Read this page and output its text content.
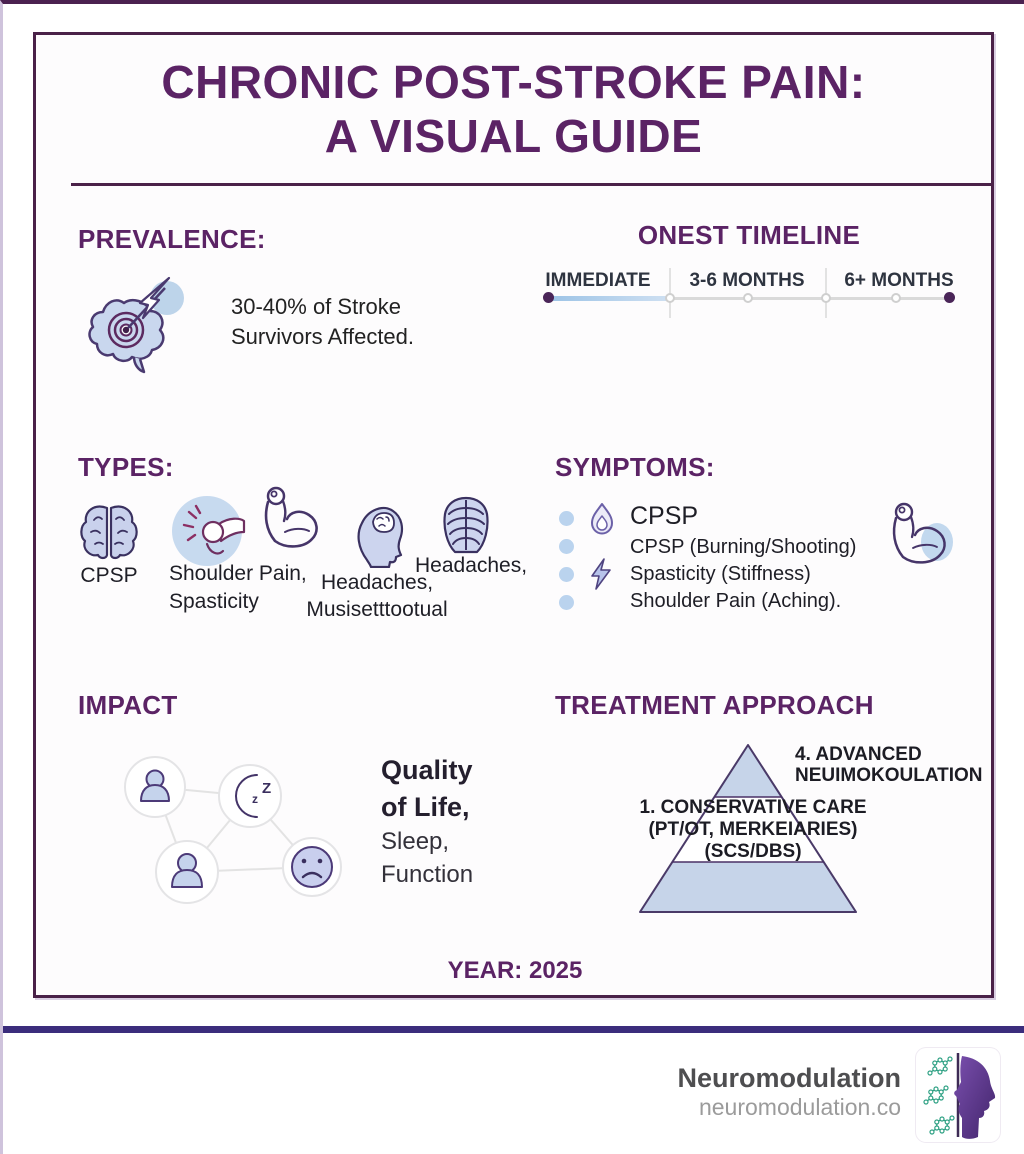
CHRONIC POST-STROKE PAIN:
A VISUAL GUIDE
PREVALENCE:
30-40% of Stroke
Survivors Affected.
ONEST TIMELINE
IMMEDIATE 3-6 MONTHS 6+ MONTHS
TYPES:
CPSP	Shoulder Pain,
Spasticity
Headaches,
Musisetttootual
Headaches,
SYMPTOMS:
CPSP
CPSP (Burning/Shooting)
Spasticity (Stiffness)
Shoulder Pain (Aching).
IMPACT
z
Z
Quality
of Life,
Sleep,
Function
TREATMENT APPROACH
4. ADVANCED
NEUIMOKOULATION
1. CONSERVATIVE CARE
(PT/OT, MERKEIARIES)
(SCS/DBS)
YEAR: 2025
Neuromodulation
neuromodulation.co
